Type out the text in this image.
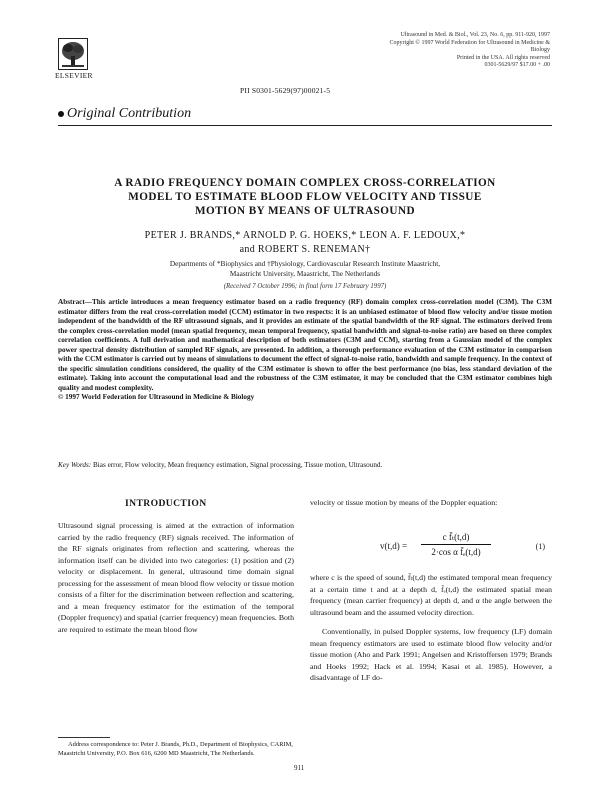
ELSEVIER
Ultrasound in Med. & Biol., Vol. 23, No. 6, pp. 911-920, 1997
Copyright © 1997 World Federation for Ultrasound in Medicine & Biology
Printed in the USA. All rights reserved
0301-5629/97 $17.00 + .00
PII S0301-5629(97)00021-5
Original Contribution
A RADIO FREQUENCY DOMAIN COMPLEX CROSS-CORRELATION
MODEL TO ESTIMATE BLOOD FLOW VELOCITY AND TISSUE
MOTION BY MEANS OF ULTRASOUND
PETER J. BRANDS,* ARNOLD P. G. HOEKS,* LEON A. F. LEDOUX,*
and ROBERT S. RENEMAN†
Departments of *Biophysics and †Physiology, Cardiovascular Research Institute Maastricht,
Maastricht University, Maastricht, The Netherlands
(Received 7 October 1996; in final form 17 February 1997)
Abstract—This article introduces a mean frequency estimator based on a radio frequency (RF) domain complex cross-correlation model (C3M). The C3M estimator differs from the real cross-correlation model (CCM) estimator in two respects: it is an unbiased estimator of blood flow velocity and/or tissue motion independent of the bandwidth of the RF ultrasound signals, and it provides an estimate of the spatial bandwidth of the RF signal. The estimators derived from the complex cross-correlation model (mean spatial frequency, mean temporal frequency, spatial bandwidth and signal-to-noise ratio) are based on three complex correlation coefficients. A full derivation and mathematical description of both estimators (C3M and CCM), starting from a Gaussian model of the complex power spectral density distribution of sampled RF signals, are presented. In addition, a thorough performance evaluation of the C3M estimator in comparison with the CCM estimator is carried out by means of simulations to document the effect of signal-to-noise ratio, bandwidth and sample frequency. In the context of the specific simulation conditions considered, the quality of the C3M estimator is shown to offer the best performance (no bias, less standard deviation of the estimate). Taking into account the computational load and the robustness of the C3M estimator, it may be concluded that the C3M estimator combines high quality and modest complexity.
© 1997 World Federation for Ultrasound in Medicine & Biology
Key Words: Bias error, Flow velocity, Mean frequency estimation, Signal processing, Tissue motion, Ultrasound.
INTRODUCTION
Ultrasound signal processing is aimed at the extraction of information carried by the radio frequency (RF) signals received. The information of the RF signals originates from reflection and scattering, whereas the information itself can be divided into two categories: (1) position and (2) velocity or displacement. In general, ultrasound time domain signal processing for the assessment of mean blood flow velocity or tissue motion consists of a filter for the discrimination between reflection and scattering, and a mean frequency estimator for the estimation of the temporal (Doppler frequency) and spatial (carrier frequency) mean frequencies. Both are required to estimate the mean blood flow
velocity or tissue motion by means of the Doppler equation:
v(t,d) =
c f̄ₜ(t,d)
2·cos α f̄ₑ(t,d)
(1)
where c is the speed of sound, f̄ₜ(t,d) the estimated temporal mean frequency at a certain time t and at a depth d, f̄ₑ(t,d) the estimated spatial mean frequency (mean carrier frequency) at depth d, and α the angle between the ultrasound beam and the assumed velocity direction.
Conventionally, in pulsed Doppler systems, low frequency (LF) domain mean frequency estimators are used to estimate blood flow velocity and/or tissue motion (Aho and Park 1991; Angelsen and Kristoffersen 1979; Brands and Hoeks 1992; Hack et al. 1994; Kasai et al. 1985). However, a disadvantage of LF do-
Address correspondence to: Peter J. Brands, Ph.D., Department of Biophysics, CARIM, Maastricht University, P.O. Box 616, 6200 MD Maastricht, The Netherlands.
911
